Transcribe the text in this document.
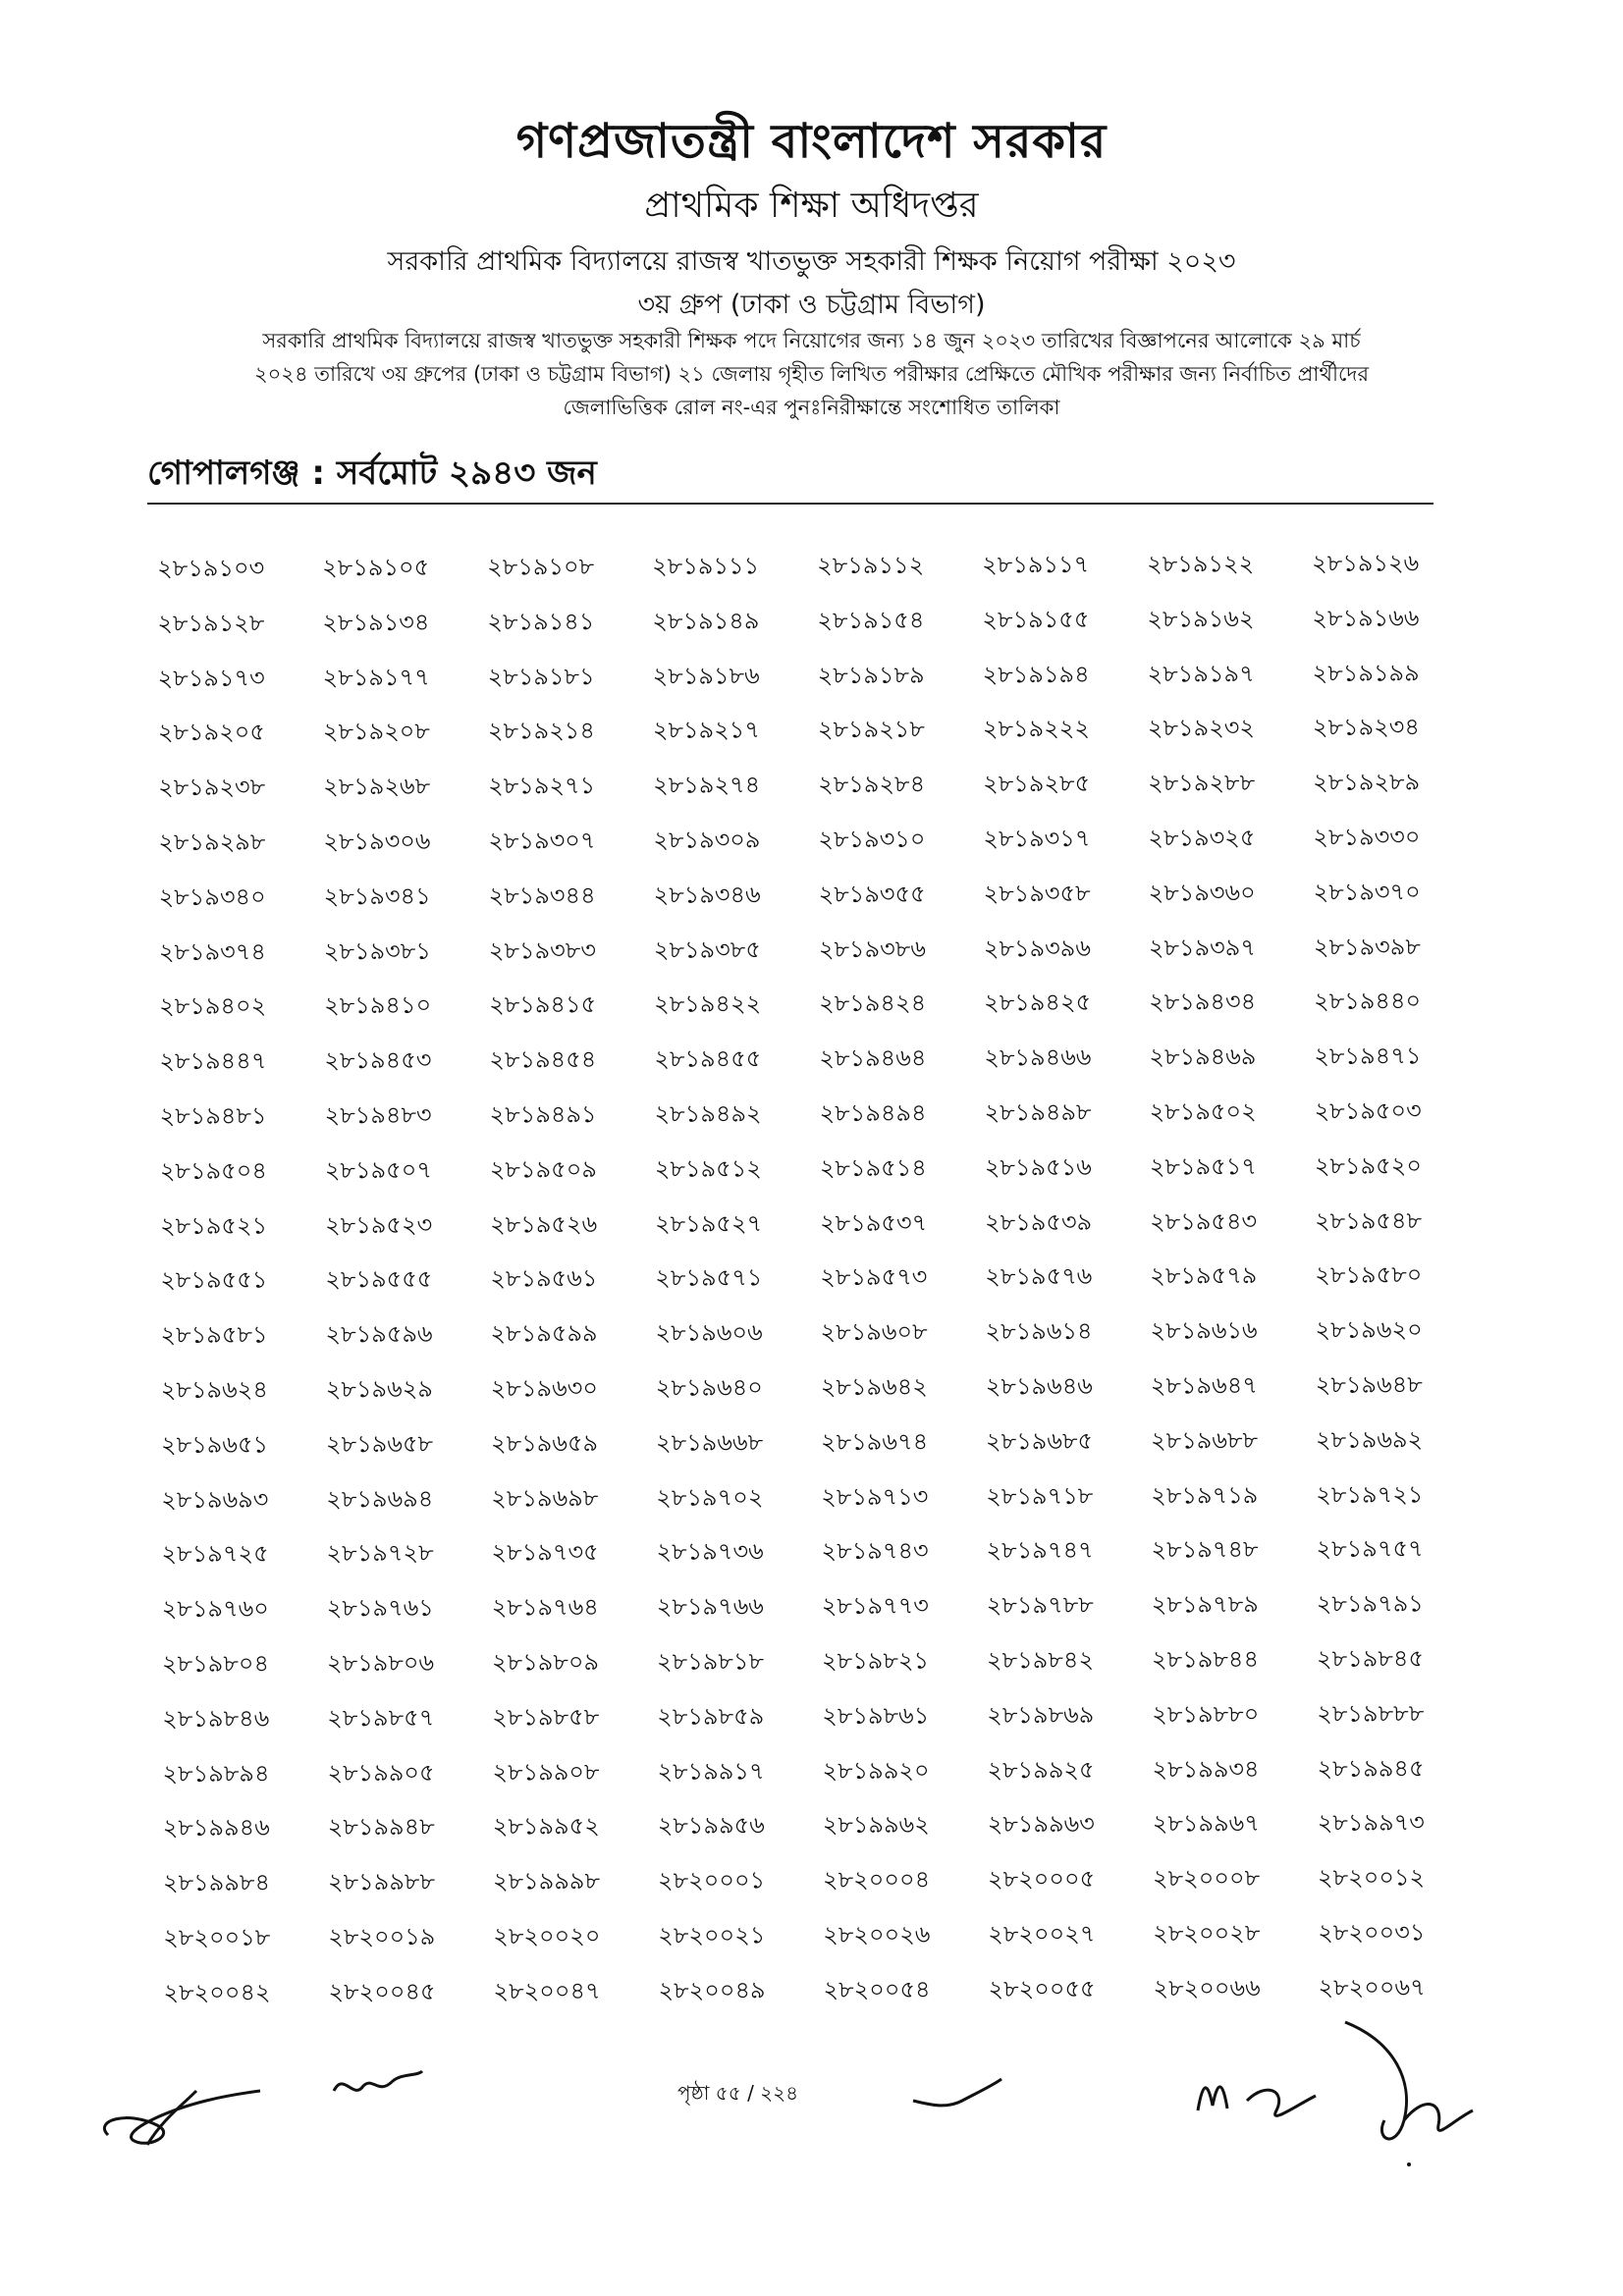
গণপ্রজাতন্ত্রী বাংলাদেশ সরকার
প্রাথমিক শিক্ষা অধিদপ্তর
সরকারি প্রাথমিক বিদ্যালয়ে রাজস্ব খাতভুক্ত সহকারী শিক্ষক নিয়োগ পরীক্ষা ২০২৩
৩য় গ্রুপ (ঢাকা ও চট্টগ্রাম বিভাগ)
সরকারি প্রাথমিক বিদ্যালয়ে রাজস্ব খাতভুক্ত সহকারী শিক্ষক পদে নিয়োগের জন্য ১৪ জুন ২০২৩ তারিখের বিজ্ঞাপনের আলোকে ২৯ মার্চ
২০২৪ তারিখে ৩য় গ্রুপের (ঢাকা ও চট্টগ্রাম বিভাগ) ২১ জেলায় গৃহীত লিখিত পরীক্ষার প্রেক্ষিতে মৌখিক পরীক্ষার জন্য নির্বাচিত প্রার্থীদের
জেলাভিত্তিক রোল নং-এর পুনঃনিরীক্ষান্তে সংশোধিত তালিকা
গোপালগঞ্জ : সর্বমোট ২৯৪৩ জন
২৮১৯১০৩	২৮১৯১০৫	২৮১৯১০৮	২৮১৯১১১	২৮১৯১১২	২৮১৯১১৭	২৮১৯১২২	২৮১৯১২৬
২৮১৯১২৮	২৮১৯১৩৪	২৮১৯১৪১	২৮১৯১৪৯	২৮১৯১৫৪	২৮১৯১৫৫	২৮১৯১৬২	২৮১৯১৬৬
২৮১৯১৭৩	২৮১৯১৭৭	২৮১৯১৮১	২৮১৯১৮৬	২৮১৯১৮৯	২৮১৯১৯৪	২৮১৯১৯৭	২৮১৯১৯৯
২৮১৯২০৫	২৮১৯২০৮	২৮১৯২১৪	২৮১৯২১৭	২৮১৯২১৮	২৮১৯২২২	২৮১৯২৩২	২৮১৯২৩৪
২৮১৯২৩৮	২৮১৯২৬৮	২৮১৯২৭১	২৮১৯২৭৪	২৮১৯২৮৪	২৮১৯২৮৫	২৮১৯২৮৮	২৮১৯২৮৯
২৮১৯২৯৮	২৮১৯৩০৬	২৮১৯৩০৭	২৮১৯৩০৯	২৮১৯৩১০	২৮১৯৩১৭	২৮১৯৩২৫	২৮১৯৩৩০
২৮১৯৩৪০	২৮১৯৩৪১	২৮১৯৩৪৪	২৮১৯৩৪৬	২৮১৯৩৫৫	২৮১৯৩৫৮	২৮১৯৩৬০	২৮১৯৩৭০
২৮১৯৩৭৪	২৮১৯৩৮১	২৮১৯৩৮৩	২৮১৯৩৮৫	২৮১৯৩৮৬	২৮১৯৩৯৬	২৮১৯৩৯৭	২৮১৯৩৯৮
২৮১৯৪০২	২৮১৯৪১০	২৮১৯৪১৫	২৮১৯৪২২	২৮১৯৪২৪	২৮১৯৪২৫	২৮১৯৪৩৪	২৮১৯৪৪০
২৮১৯৪৪৭	২৮১৯৪৫৩	২৮১৯৪৫৪	২৮১৯৪৫৫	২৮১৯৪৬৪	২৮১৯৪৬৬	২৮১৯৪৬৯	২৮১৯৪৭১
২৮১৯৪৮১	২৮১৯৪৮৩	২৮১৯৪৯১	২৮১৯৪৯২	২৮১৯৪৯৪	২৮১৯৪৯৮	২৮১৯৫০২	২৮১৯৫০৩
২৮১৯৫০৪	২৮১৯৫০৭	২৮১৯৫০৯	২৮১৯৫১২	২৮১৯৫১৪	২৮১৯৫১৬	২৮১৯৫১৭	২৮১৯৫২০
২৮১৯৫২১	২৮১৯৫২৩	২৮১৯৫২৬	২৮১৯৫২৭	২৮১৯৫৩৭	২৮১৯৫৩৯	২৮১৯৫৪৩	২৮১৯৫৪৮
২৮১৯৫৫১	২৮১৯৫৫৫	২৮১৯৫৬১	২৮১৯৫৭১	২৮১৯৫৭৩	২৮১৯৫৭৬	২৮১৯৫৭৯	২৮১৯৫৮০
২৮১৯৫৮১	২৮১৯৫৯৬	২৮১৯৫৯৯	২৮১৯৬০৬	২৮১৯৬০৮	২৮১৯৬১৪	২৮১৯৬১৬	২৮১৯৬২০
২৮১৯৬২৪	২৮১৯৬২৯	২৮১৯৬৩০	২৮১৯৬৪০	২৮১৯৬৪২	২৮১৯৬৪৬	২৮১৯৬৪৭	২৮১৯৬৪৮
২৮১৯৬৫১	২৮১৯৬৫৮	২৮১৯৬৫৯	২৮১৯৬৬৮	২৮১৯৬৭৪	২৮১৯৬৮৫	২৮১৯৬৮৮	২৮১৯৬৯২
২৮১৯৬৯৩	২৮১৯৬৯৪	২৮১৯৬৯৮	২৮১৯৭০২	২৮১৯৭১৩	২৮১৯৭১৮	২৮১৯৭১৯	২৮১৯৭২১
২৮১৯৭২৫	২৮১৯৭২৮	২৮১৯৭৩৫	২৮১৯৭৩৬	২৮১৯৭৪৩	২৮১৯৭৪৭	২৮১৯৭৪৮	২৮১৯৭৫৭
২৮১৯৭৬০	২৮১৯৭৬১	২৮১৯৭৬৪	২৮১৯৭৬৬	২৮১৯৭৭৩	২৮১৯৭৮৮	২৮১৯৭৮৯	২৮১৯৭৯১
২৮১৯৮০৪	২৮১৯৮০৬	২৮১৯৮০৯	২৮১৯৮১৮	২৮১৯৮২১	২৮১৯৮৪২	২৮১৯৮৪৪	২৮১৯৮৪৫
২৮১৯৮৪৬	২৮১৯৮৫৭	২৮১৯৮৫৮	২৮১৯৮৫৯	২৮১৯৮৬১	২৮১৯৮৬৯	২৮১৯৮৮০	২৮১৯৮৮৮
২৮১৯৮৯৪	২৮১৯৯০৫	২৮১৯৯০৮	২৮১৯৯১৭	২৮১৯৯২০	২৮১৯৯২৫	২৮১৯৯৩৪	২৮১৯৯৪৫
২৮১৯৯৪৬	২৮১৯৯৪৮	২৮১৯৯৫২	২৮১৯৯৫৬	২৮১৯৯৬২	২৮১৯৯৬৩	২৮১৯৯৬৭	২৮১৯৯৭৩
২৮১৯৯৮৪	২৮১৯৯৮৮	২৮১৯৯৯৮	২৮২০০০১	২৮২০০০৪	২৮২০০০৫	২৮২০০০৮	২৮২০০১২
২৮২০০১৮	২৮২০০১৯	২৮২০০২০	২৮২০০২১	২৮২০০২৬	২৮২০০২৭	২৮২০০২৮	২৮২০০৩১
২৮২০০৪২	২৮২০০৪৫	২৮২০০৪৭	২৮২০০৪৯	২৮২০০৫৪	২৮২০০৫৫	২৮২০০৬৬	২৮২০০৬৭
পৃষ্ঠা ৫৫ / ২২৪
